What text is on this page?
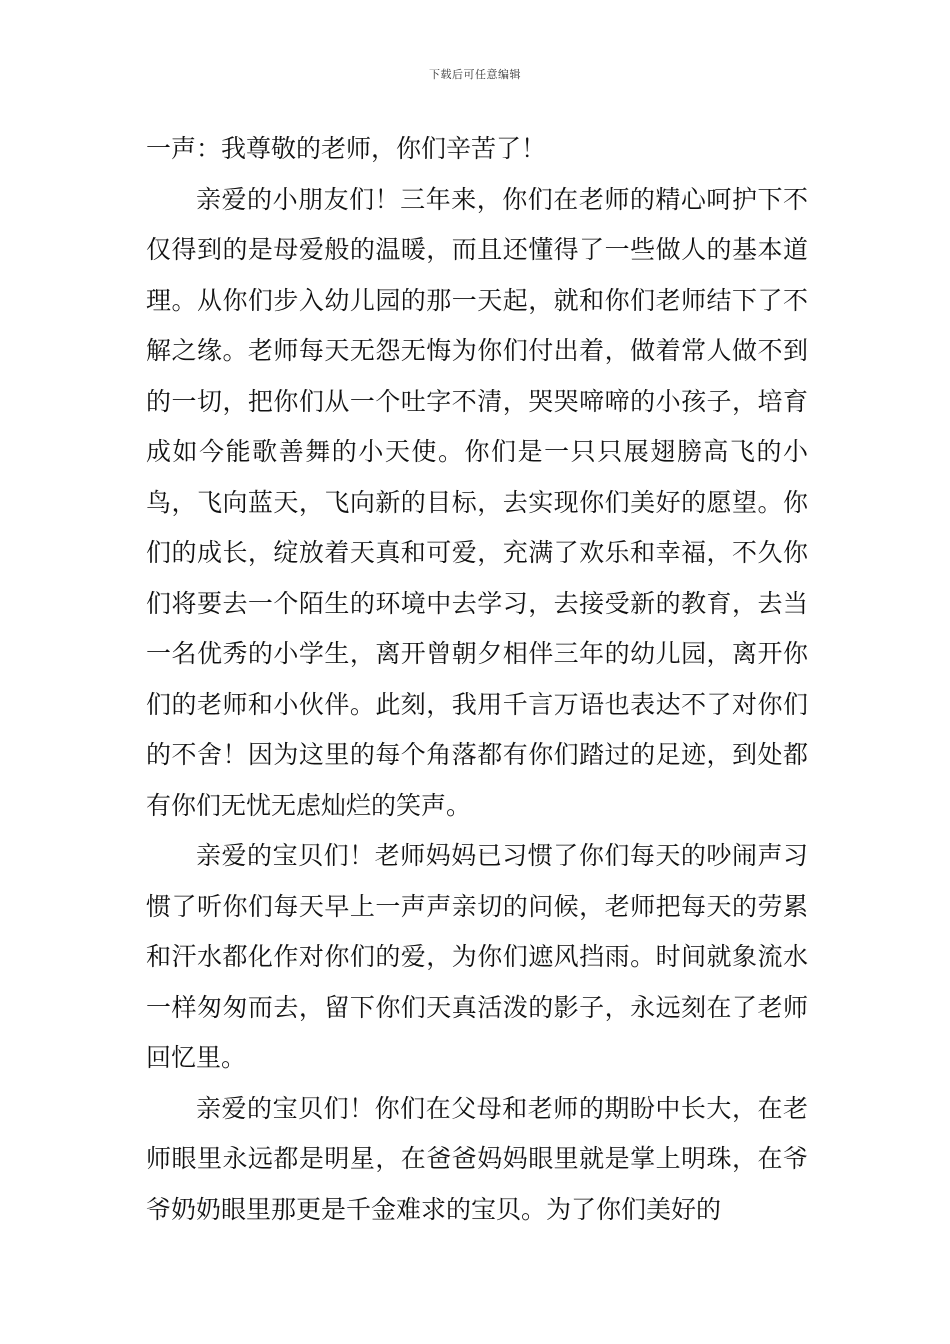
下载后可任意编辑

一声：我尊敬的老师，你们辛苦了！

亲爱的小朋友们！三年来，你们在老师的精心呵护下不仅得到的是母爱般的温暖，而且还懂得了一些做人的基本道理。从你们步入幼儿园的那一天起，就和你们老师结下了不解之缘。老师每天无怨无悔为你们付出着，做着常人做不到的一切，把你们从一个吐字不清，哭哭啼啼的小孩子，培育成如今能歌善舞的小天使。你们是一只只展翅膀高飞的小鸟，飞向蓝天，飞向新的目标，去实现你们美好的愿望。你们的成长，绽放着天真和可爱，充满了欢乐和幸福，不久你们将要去一个陌生的环境中去学习，去接受新的教育，去当一名优秀的小学生，离开曾朝夕相伴三年的幼儿园，离开你们的老师和小伙伴。此刻，我用千言万语也表达不了对你们的不舍！因为这里的每个角落都有你们踏过的足迹，到处都有你们无忧无虑灿烂的笑声。

亲爱的宝贝们！老师妈妈已习惯了你们每天的吵闹声习惯了听你们每天早上一声声亲切的问候，老师把每天的劳累和汗水都化作对你们的爱，为你们遮风挡雨。时间就象流水一样匆匆而去，留下你们天真活泼的影子，永远刻在了老师回忆里。

亲爱的宝贝们！你们在父母和老师的期盼中长大，在老师眼里永远都是明星，在爸爸妈妈眼里就是掌上明珠，在爷爷奶奶眼里那更是千金难求的宝贝。为了你们美好的
